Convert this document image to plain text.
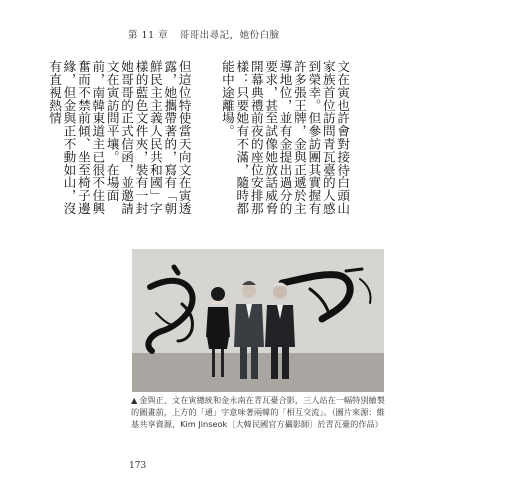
第 11 章 哥哥出尋記，她份白臉

文在寅也許會對接待白頭山家族首位訪問青瓦臺的人感到榮幸。但參訪團其實握有許多張王牌，金與正遞於主導地位，並有金提出過分的要求，甚至試像她放話威脅開幕典禮前夜的座位安排那樣：只要她有不滿，隨時都能中途離場。

但這位特使當天向文在寅透露，她攜帶著的，寫有「朝鮮民主主義人民共和國」字樣的藍色文件夾，裝有一封她哥哥的正式信函，並邀請文在寅訪問平壤。在場面前，南韓東道主已很不住興奮而不禁前傾、坐至椅子邊緣，但金與正不動如山，沒有直視熱情

▲ 金與正、文在寅總統和金永南在青瓦臺合影，三人站在一幅特別繪製的圖畫前，上方的「通」字意味著兩韓的「相互交流」。（圖片來源：維基共享資源，Kim Jinseok〔大韓民國官方攝影師〕於青瓦臺的作品）
173
